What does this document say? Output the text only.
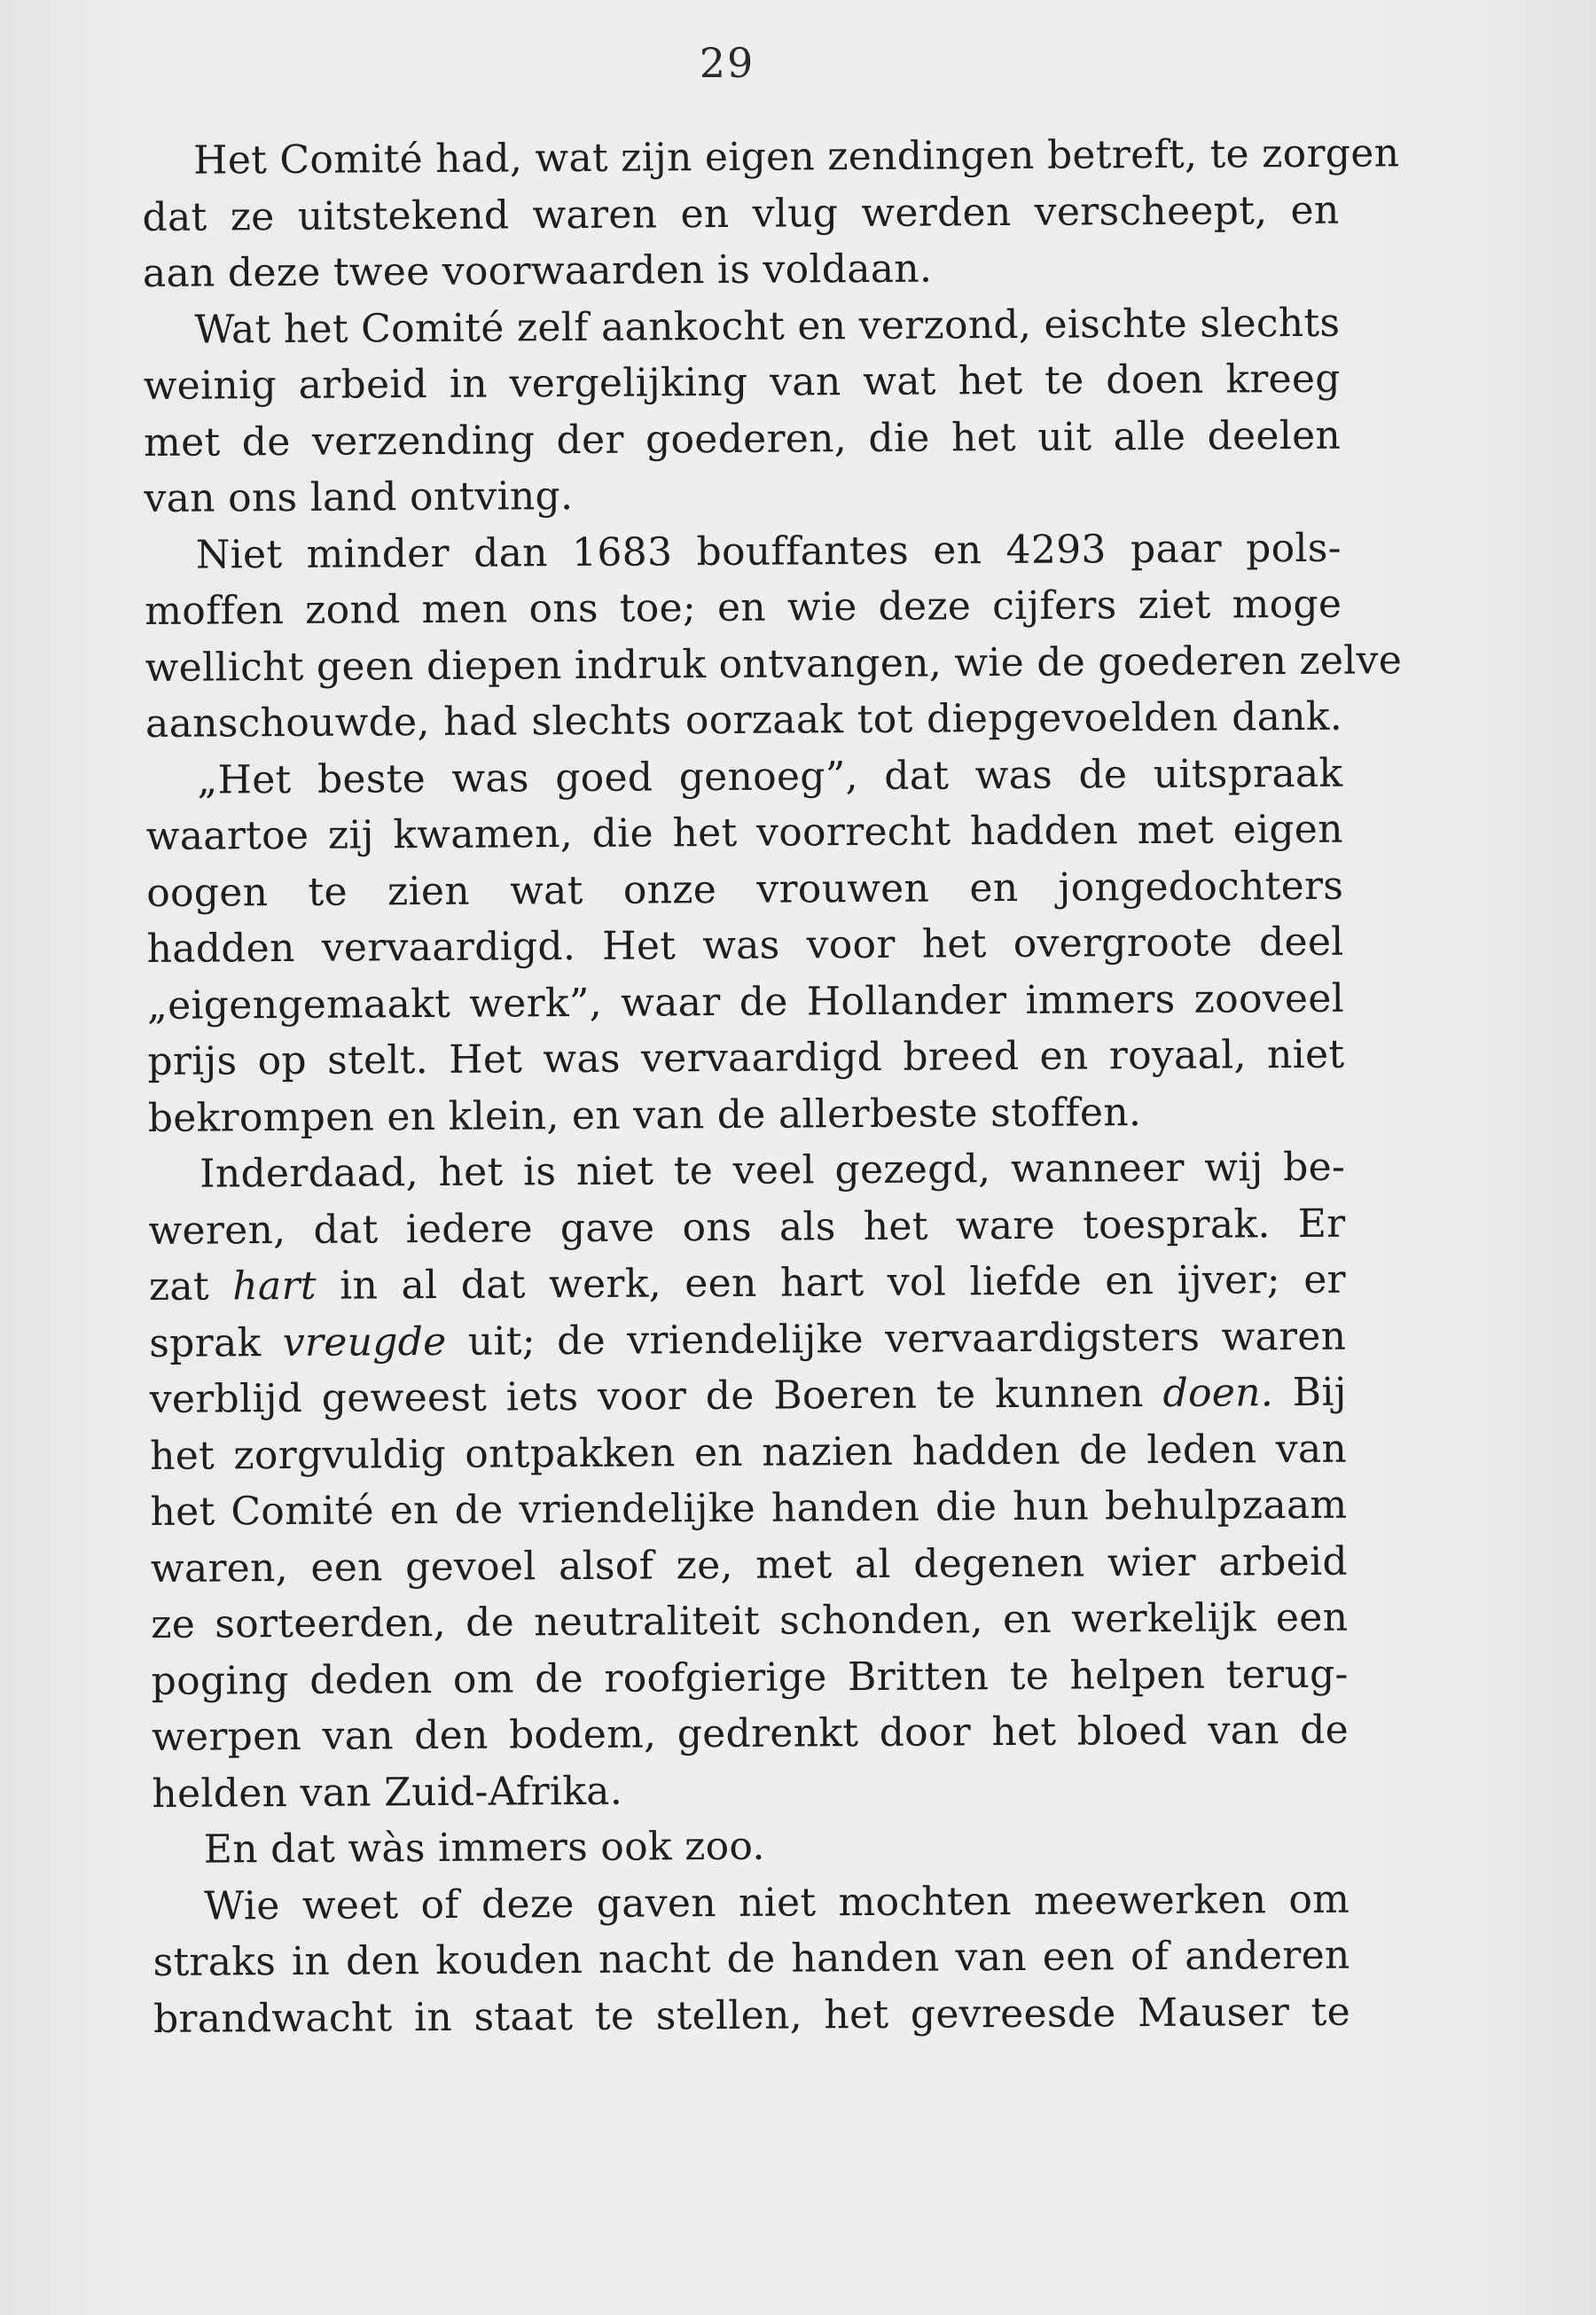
29
Het Comité had, wat zijn eigen zendingen betreft, te zorgen
dat ze uitstekend waren en vlug werden verscheept, en
aan deze twee voorwaarden is voldaan.
Wat het Comité zelf aankocht en verzond, eischte slechts
weinig arbeid in vergelijking van wat het te doen kreeg
met de verzending der goederen, die het uit alle deelen
van ons land ontving.
Niet minder dan 1683 bouffantes en 4293 paar pols-
moffen zond men ons toe; en wie deze cijfers ziet moge
wellicht geen diepen indruk ontvangen, wie de goederen zelve
aanschouwde, had slechts oorzaak tot diepgevoelden dank.
„Het beste was goed genoeg”, dat was de uitspraak
waartoe zij kwamen, die het voorrecht hadden met eigen
oogen te zien wat onze vrouwen en jongedochters
hadden vervaardigd. Het was voor het overgroote deel
„eigengemaakt werk”, waar de Hollander immers zooveel
prijs op stelt. Het was vervaardigd breed en royaal, niet
bekrompen en klein, en van de allerbeste stoffen.
Inderdaad, het is niet te veel gezegd, wanneer wij be-
weren, dat iedere gave ons als het ware toesprak. Er
zat hart in al dat werk, een hart vol liefde en ijver; er
sprak vreugde uit; de vriendelijke vervaardigsters waren
verblijd geweest iets voor de Boeren te kunnen doen. Bij
het zorgvuldig ontpakken en nazien hadden de leden van
het Comité en de vriendelijke handen die hun behulpzaam
waren, een gevoel alsof ze, met al degenen wier arbeid
ze sorteerden, de neutraliteit schonden, en werkelijk een
poging deden om de roofgierige Britten te helpen terug-
werpen van den bodem, gedrenkt door het bloed van de
helden van Zuid-Afrika.
En dat wàs immers ook zoo.
Wie weet of deze gaven niet mochten meewerken om
straks in den kouden nacht de handen van een of anderen
brandwacht in staat te stellen, het gevreesde Mauser te
